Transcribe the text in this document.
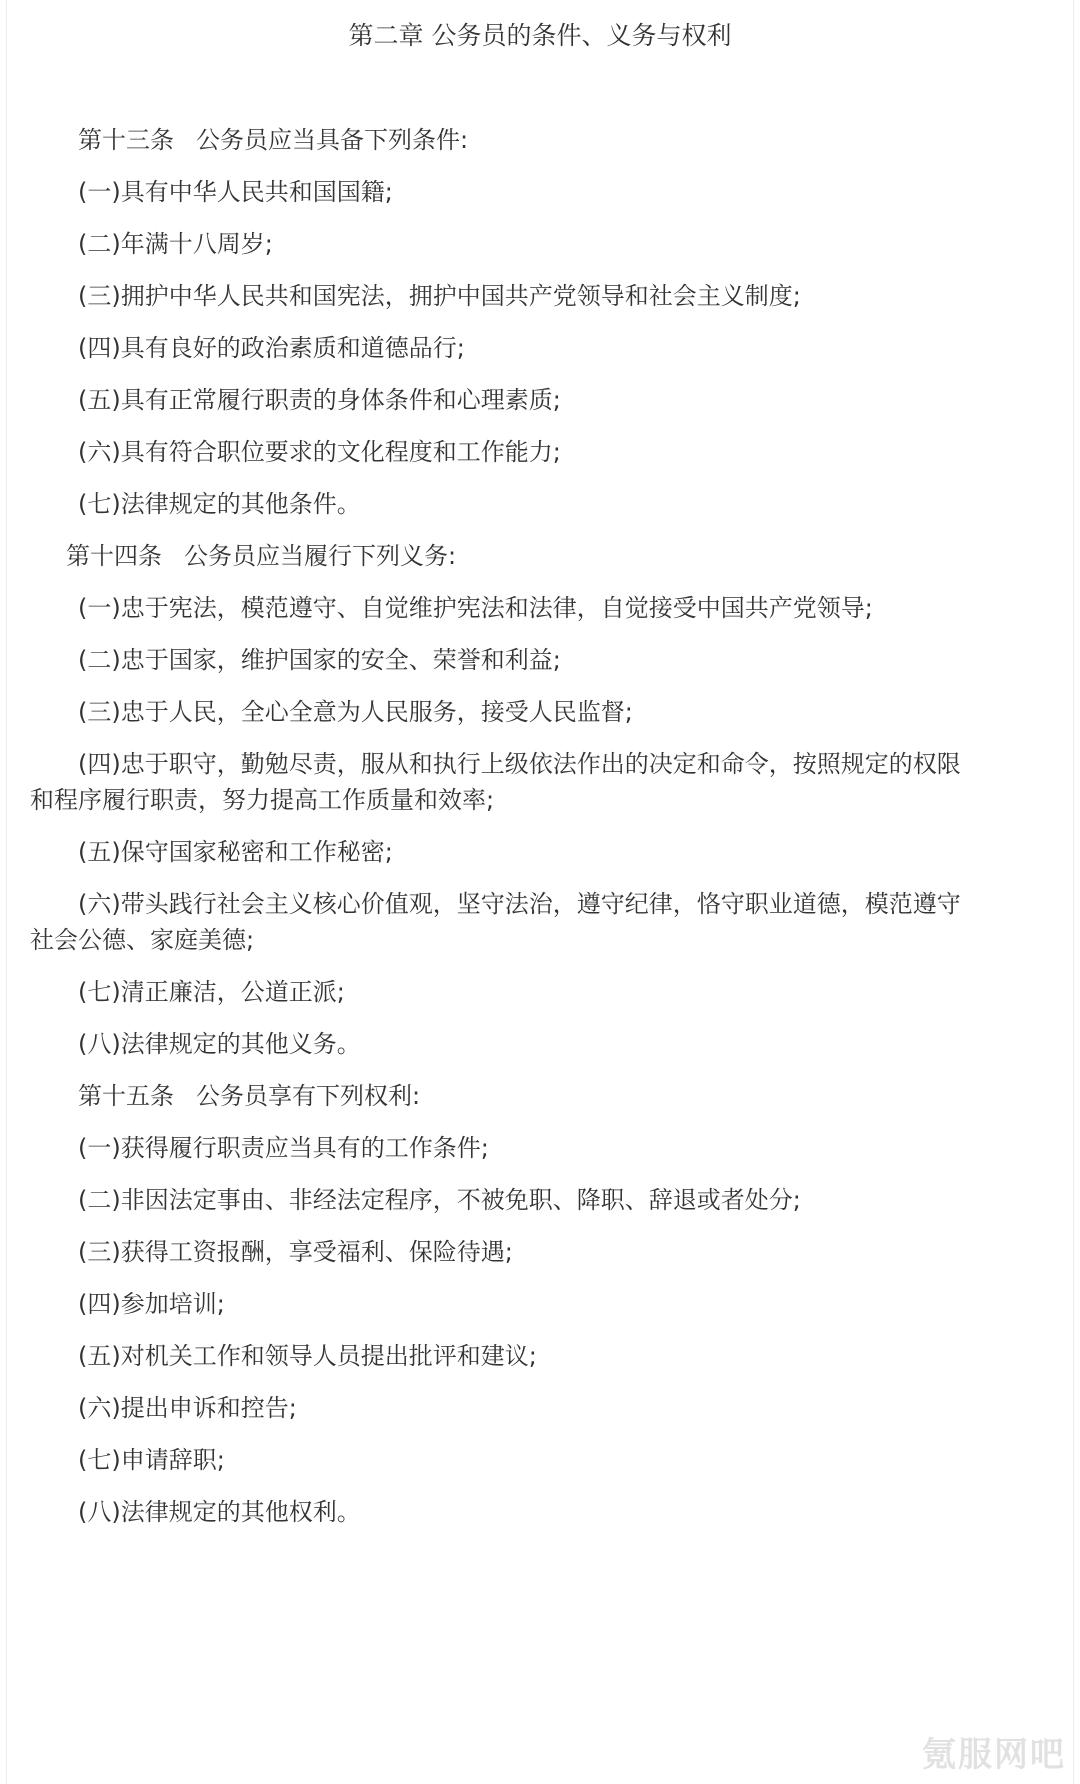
第二章 公务员的条件、义务与权利
第十三条 公务员应当具备下列条件:
(一)具有中华人民共和国国籍;
(二)年满十八周岁;
(三)拥护中华人民共和国宪法，拥护中国共产党领导和社会主义制度;
(四)具有良好的政治素质和道德品行;
(五)具有正常履行职责的身体条件和心理素质;
(六)具有符合职位要求的文化程度和工作能力;
(七)法律规定的其他条件。
第十四条 公务员应当履行下列义务:
(一)忠于宪法，模范遵守、自觉维护宪法和法律，自觉接受中国共产党领导;
(二)忠于国家，维护国家的安全、荣誉和利益;
(三)忠于人民，全心全意为人民服务，接受人民监督;
(四)忠于职守，勤勉尽责，服从和执行上级依法作出的决定和命令，按照规定的权限
和程序履行职责，努力提高工作质量和效率;
(五)保守国家秘密和工作秘密;
(六)带头践行社会主义核心价值观，坚守法治，遵守纪律，恪守职业道德，模范遵守
社会公德、家庭美德;
(七)清正廉洁，公道正派;
(八)法律规定的其他义务。
第十五条 公务员享有下列权利:
(一)获得履行职责应当具有的工作条件;
(二)非因法定事由、非经法定程序，不被免职、降职、辞退或者处分;
(三)获得工资报酬，享受福利、保险待遇;
(四)参加培训;
(五)对机关工作和领导人员提出批评和建议;
(六)提出申诉和控告;
(七)申请辞职;
(八)法律规定的其他权利。
氪服网吧
